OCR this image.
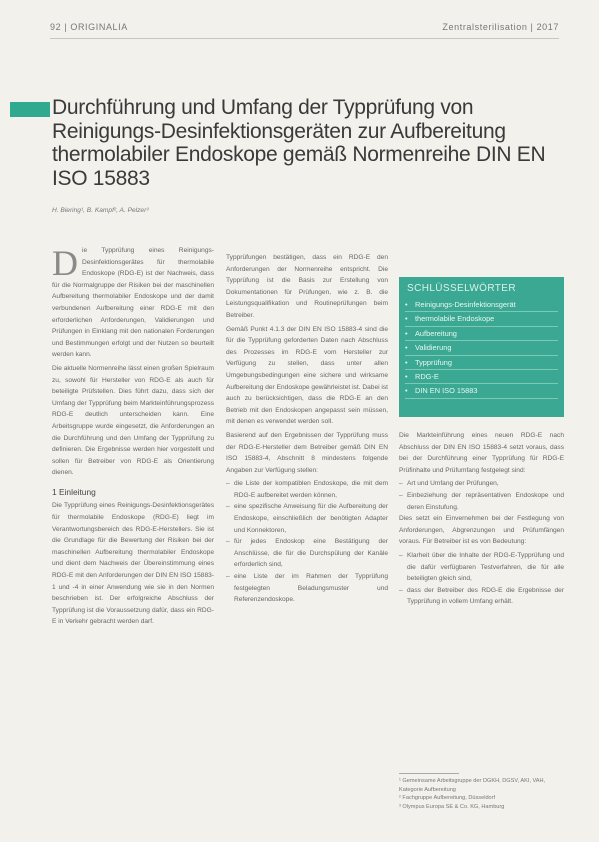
92 | ORIGINALIA	Zentralsterilisation | 2017
Durchführung und Umfang der Typprüfung von Reinigungs-Desinfektionsgeräten zur Aufbereitung thermolabiler Endoskope gemäß Normenreihe DIN EN ISO 15883
H. Biering¹, B. Kampf², A. Pelzer³

Die Typprüfung eines Reinigungs-Desinfektionsgerätes für thermolabile Endoskope (RDG-E) ist der Nachweis, dass für die Normalgruppe der Risiken bei der maschinellen Aufbereitung thermolabiler Endoskope und der damit verbundenen Aufbereitung einer RDG-E mit den erforderlichen Anforderungen, Validierungen und Prüfungen in Einklang mit den nationalen Forderungen und Bestimmungen erfolgt und der Nutzen so beurteilt werden kann.

Die aktuelle Normenreihe lässt einen großen Spielraum zu, sowohl für Hersteller von RDG-E als auch für beteiligte Prüfstellen. Dies führt dazu, dass sich der Umfang der Typprüfung beim Markteinführungsprozess RDG-E deutlich unterscheiden kann. Eine Arbeitsgruppe wurde eingesetzt, die Anforderungen an die Durchführung und den Umfang der Typprüfung zu definieren. Die Ergebnisse werden hier vorgestellt und sollen für Betreiber von RDG-E als Orientierung dienen.

1 Einleitung

Die Typprüfung eines Reinigungs-Desinfektionsgerätes für thermolabile Endoskope (RDG-E) liegt im Verantwortungsbereich des RDG-E-Herstellers. Sie ist die Grundlage für die Bewertung der Risiken bei der maschinellen Aufbereitung thermolabiler Endoskope und dient dem Nachweis der Übereinstimmung eines RDG-E mit den Anforderungen der DIN EN ISO 15883-1 und -4 in einer Anwendung wie sie in den Normen beschrieben ist. Der erfolgreiche Abschluss der Typprüfung ist die Voraussetzung dafür, dass ein RDG-E in Verkehr gebracht werden darf.

Typprüfungen bestätigen, dass ein RDG-E den Anforderungen der Normenreihe entspricht. Die Typprüfung ist die Basis zur Erstellung von Dokumentationen für Prüfungen, wie z. B. die Leistungsqualifikation und Routineprüfungen beim Betreiber.

Gemäß Punkt 4.1.3 der DIN EN ISO 15883-4 sind die für die Typprüfung geforderten Daten nach Abschluss des Prozesses im RDG-E vom Hersteller zur Verfügung zu stellen, dass unter allen Umgebungsbedingungen eine sichere und wirksame Aufbereitung der Endoskope gewährleistet ist. Dabei ist auch zu berücksichtigen, dass die RDG-E an den Betrieb mit den Endoskopen angepasst sein müssen, mit denen es verwendet werden soll.

Basierend auf den Ergebnissen der Typprüfung muss der RDG-E-Hersteller dem Betreiber gemäß DIN EN ISO 15883-4, Abschnitt 8 mindestens folgende Angaben zur Verfügung stellen:

– die Liste der kompatiblen Endoskope, die mit dem RDG-E aufbereitet werden können,
– eine spezifische Anweisung für die Aufbereitung der Endoskope, einschließlich der benötigten Adapter und Konnektoren,
– für jedes Endoskop eine Bestätigung der Anschlüsse, die für die Durchspülung der Kanäle erforderlich sind,
– eine Liste der im Rahmen der Typprüfung festgelegten Beladungsmuster und Referenzendoskope.
SCHLÜSSELWÖRTER
• Reinigungs-Desinfektionsgerät
• thermolabile Endoskope
• Aufbereitung
• Validierung
• Typprüfung
• RDG-E
• DIN EN ISO 15883

Die Markteinführung eines neuen RDG-E nach Abschluss der DIN EN ISO 15883-4 setzt voraus, dass bei der Durchführung einer Typprüfung für RDG-E Prüfinhalte und Prüfumfang festgelegt sind:

– Art und Umfang der Prüfungen,
– Einbeziehung der repräsentativen Endoskope und deren Einstufung.

Dies setzt ein Einvernehmen bei der Festlegung von Anforderungen, Abgrenzungen und Prüfumfängen voraus. Für Betreiber ist es von Bedeutung:

– Klarheit über die Inhalte der RDG-E-Typprüfung und die dafür verfügbaren Testverfahren, die für alle beteiligten gleich sind,
– dass der Betreiber des RDG-E die Ergebnisse der Typprüfung in vollem Umfang erhält.
¹ Gemeinsame Arbeitsgruppe der DGKH, DGSV, AKI, VAH, Kategorie Aufbereitung
² Fachgruppe Aufbereitung, Düsseldorf
³ Olympus Europa SE & Co. KG, Hamburg
